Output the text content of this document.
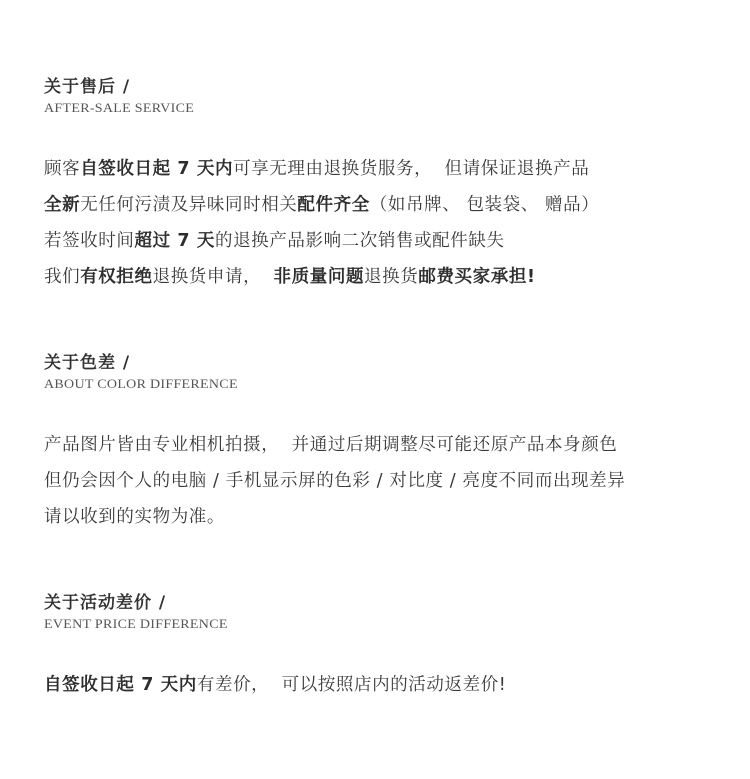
关于售后 /
AFTER-SALE SERVICE
顾客自签收日起 7 天内可享无理由退换货服务，  但请保证退换产品
全新无任何污渍及异味同时相关配件齐全（如吊牌、 包装袋、 赠品）
若签收时间超过 7 天的退换产品影响二次销售或配件缺失
我们有权拒绝退换货申请，  非质量问题退换货邮费买家承担!
关于色差 /
ABOUT COLOR DIFFERENCE
产品图片皆由专业相机拍摄，  并通过后期调整尽可能还原产品本身颜色
但仍会因个人的电脑 / 手机显示屏的色彩 / 对比度 / 亮度不同而出现差异
请以收到的实物为准。
关于活动差价 /
EVENT PRICE DIFFERENCE
自签收日起 7 天内有差价，  可以按照店内的活动返差价!
